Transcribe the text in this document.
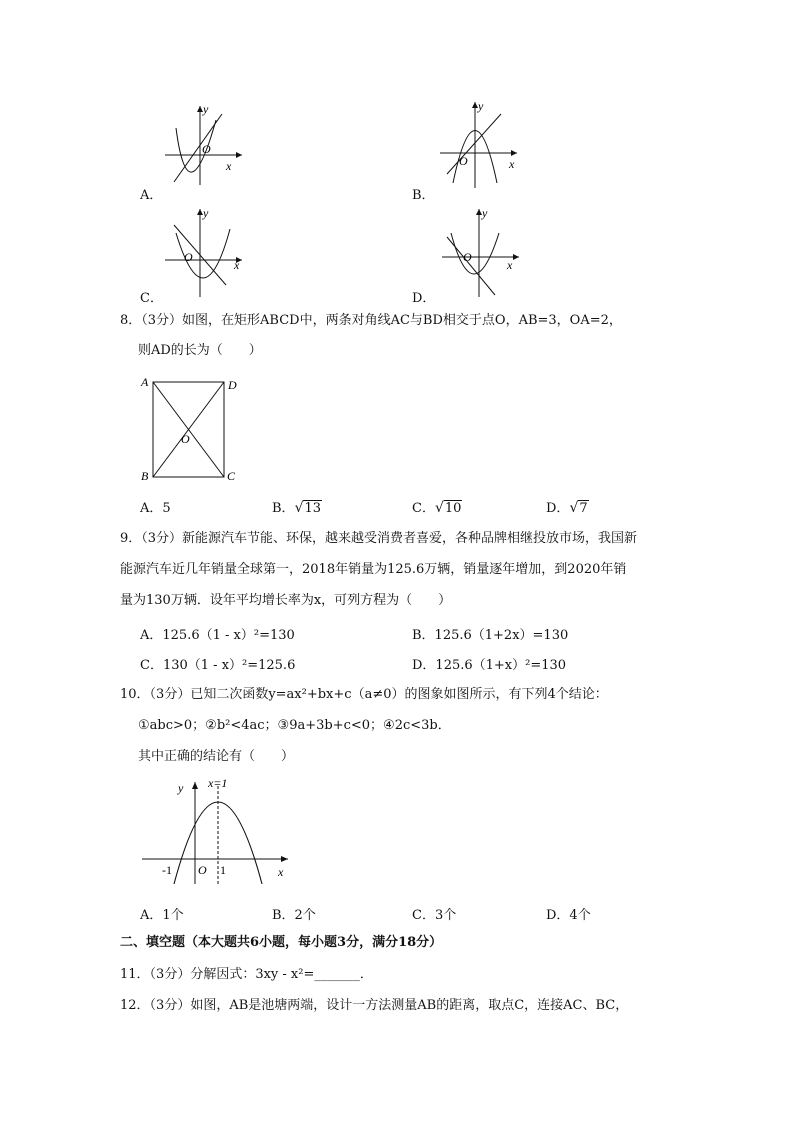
y
x
O
A．
y
x
O
B．
y
x
O
C．
y
x
O
D．
8．（3分）如图，在矩形ABCD中，两条对角线AC与BD相交于点O，AB=3，OA=2，
则AD的长为（　　）
A	D
B	C
O
A．5	B．√13	C．√10	D．√7
9．（3分）新能源汽车节能、环保，越来越受消费者喜爱，各种品牌相继投放市场，我国新
能源汽车近几年销量全球第一，2018年销量为125.6万辆，销量逐年增加，到2020年销
量为130万辆．设年平均增长率为x，可列方程为（　　）
A．125.6（1 - x）²=130	B．125.6（1+2x）=130
C．130（1 - x）²=125.6	D．125.6（1+x）²=130
10．（3分）已知二次函数y=ax²+bx+c（a≠0）的图象如图所示，有下列4个结论：
①abc>0；②b²<4ac；③9a+3b+c<0；④2c<3b．
其中正确的结论有（　　）
y x=1
-1 O 1	x
A．1个	B．2个	C．3个	D．4个
二、填空题（本大题共6小题，每小题3分，满分18分）
11．（3分）分解因式：3xy - x²=_______．
12．（3分）如图，AB是池塘两端，设计一方法测量AB的距离，取点C，连接AC、BC，
